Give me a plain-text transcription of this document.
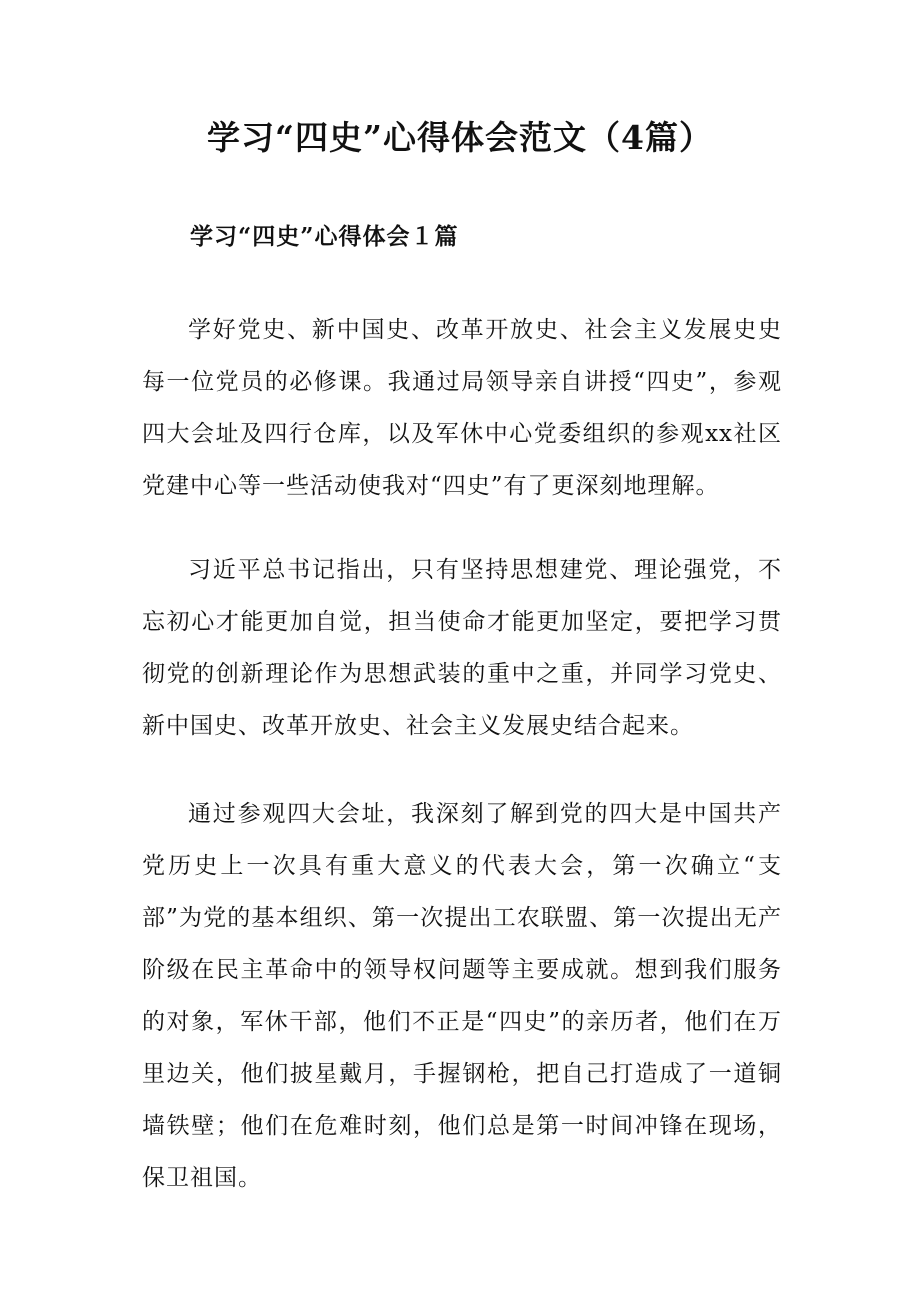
学习“四史”心得体会范文（4篇）
学习“四史”心得体会１篇

学好党史、新中国史、改革开放史、社会主义发展史史每一位党员的必修课。我通过局领导亲自讲授“四史”，参观四大会址及四行仓库，以及军休中心党委组织的参观xx社区党建中心等一些活动使我对“四史”有了更深刻地理解。

习近平总书记指出，只有坚持思想建党、理论强党，不忘初心才能更加自觉，担当使命才能更加坚定，要把学习贯彻党的创新理论作为思想武装的重中之重，并同学习党史、新中国史、改革开放史、社会主义发展史结合起来。

通过参观四大会址，我深刻了解到党的四大是中国共产党历史上一次具有重大意义的代表大会，第一次确立“支部”为党的基本组织、第一次提出工农联盟、第一次提出无产阶级在民主革命中的领导权问题等主要成就。想到我们服务的对象，军休干部，他们不正是“四史”的亲历者，他们在万里边关，他们披星戴月，手握钢枪，把自己打造成了一道铜墙铁壁；他们在危难时刻，他们总是第一时间冲锋在现场，保卫祖国。
